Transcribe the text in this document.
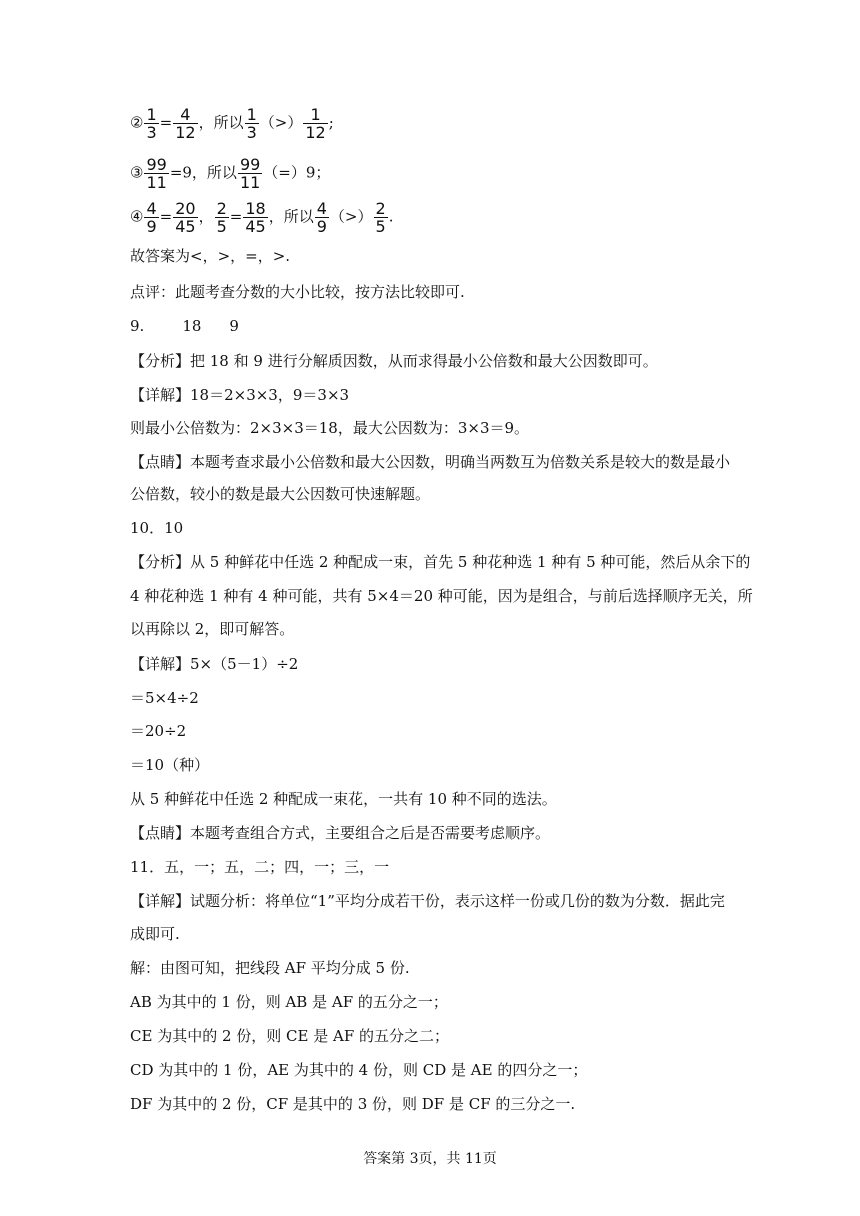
② $\frac{1}{3} = \frac{4}{12}$ ，所以 $\frac{1}{3}$ （>） $\frac{1}{12}$ ;
③ $\frac{99}{11} =9$，所以 $\frac{99}{11} (=)9$；
④ $\frac{4}{9} = \frac{20}{45}$ ， $\frac{2}{5} = \frac{18}{45}$ ，所以 $\frac{4}{9}$ （>） $\frac{2}{5}$ .
故答案为<，>，=，>.
点评：此题考查分数的大小比较，按方法比较即可.
9.	18 9
【分析】把 18 和 9 进行分解质因数，从而求得最小公倍数和最大公因数即可。
【详解】18＝2×3×3，9＝3×3
则最小公倍数为：2×3×3＝18，最大公因数为：3×3＝9。
【点睛】本题考查求最小公倍数和最大公因数，明确当两数互为倍数关系是较大的数是最小
公倍数，较小的数是最大公因数可快速解题。
10．10
【分析】从 5 种鲜花中任选 2 种配成一束，首先 5 种花种选 1 种有 5 种可能，然后从余下的
4 种花种选 1 种有 4 种可能，共有 5×4＝20 种可能，因为是组合，与前后选择顺序无关，所
以再除以 2，即可解答。
【详解】5×（5－1）÷2
＝5×4÷2
＝20÷2
＝10（种）
从 5 种鲜花中任选 2 种配成一束花，一共有 10 种不同的选法。
【点睛】本题考查组合方式，主要组合之后是否需要考虑顺序。
11．五，一；五，二；四，一；三，一
【详解】试题分析：将单位“1”平均分成若干份，表示这样一份或几份的数为分数．据此完
成即可.
解：由图可知，把线段 AF 平均分成 5 份.
AB 为其中的 1 份，则 AB 是 AF 的五分之一；
CE 为其中的 2 份，则 CE 是 AF 的五分之二；
CD 为其中的 1 份，AE 为其中的 4 份，则 CD 是 AE 的四分之一；
DF 为其中的 2 份，CF 是其中的 3 份，则 DF 是 CF 的三分之一.
答案第 3页，共 11页
